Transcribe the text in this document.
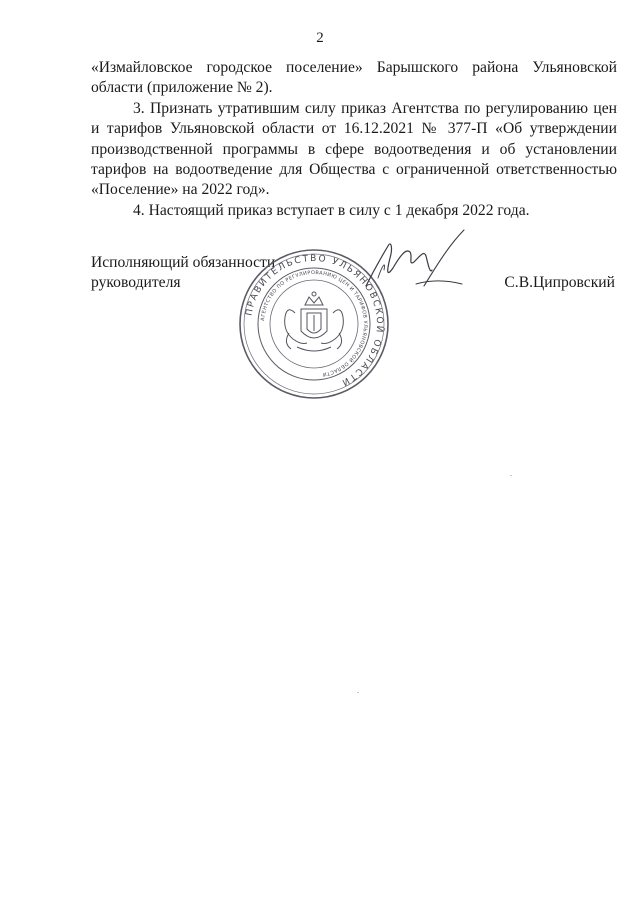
2

«Измайловское городское поселение» Барышского района Ульяновской области (приложение № 2).

3. Признать утратившим силу приказ Агентства по регулированию цен и тарифов Ульяновской области от 16.12.2021 № 377-П «Об утверждении производственной программы в сфере водоотведения и об установлении тарифов на водоотведение для Общества с ограниченной ответственностью «Поселение» на 2022 год».

4. Настоящий приказ вступает в силу с 1 декабря 2022 года.

Исполняющий обязанности
руководителя
ПРАВИТЕЛЬСТВО УЛЬЯНОВСКОЙ ОБЛАСТИ
АГЕНТСТВО ПО РЕГУЛИРОВАНИЮ ЦЕН И ТАРИФОВ УЛЬЯНОВСКОЙ ОБЛАСТИ
С.В.Ципровский
